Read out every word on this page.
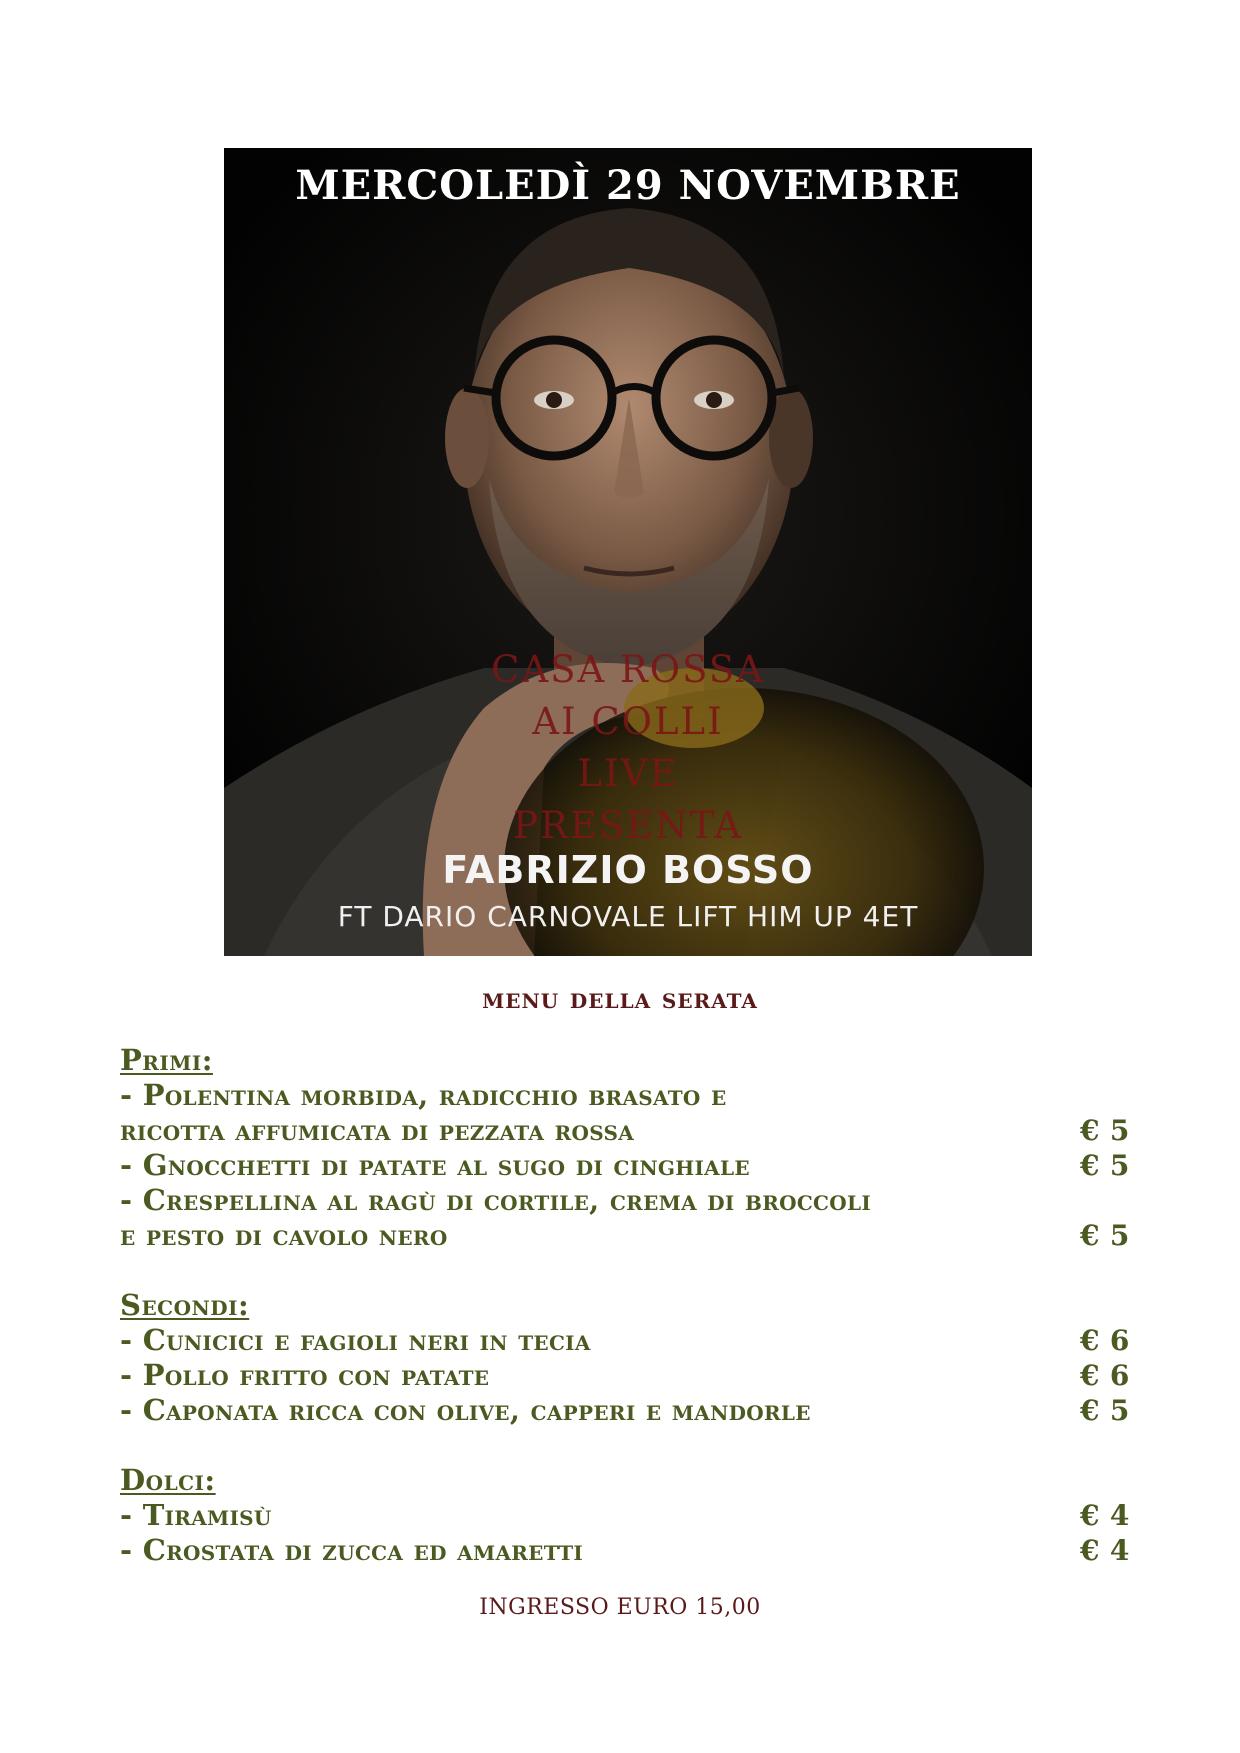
MERCOLEDÌ 29 NOVEMBRE
CASA ROSSA
AI COLLI
LIVE
PRESENTA
FABRIZIO BOSSO
FT DARIO CARNOVALE LIFT HIM UP 4ET
menu della serata
Primi:
- Polentina morbida, radicchio brasato e
ricotta affumicata di pezzata rossa	€ 5
- Gnocchetti di patate al sugo di cinghiale	€ 5
- Crespellina al ragù di cortile, crema di broccoli
e pesto di cavolo nero	€ 5
Secondi:
- Cunicici e fagioli neri in tecia	€ 6
- Pollo fritto con patate	€ 6
- Caponata ricca con olive, capperi e mandorle	€ 5
Dolci:
- Tiramisù	€ 4
- Crostata di zucca ed amaretti	€ 4
INGRESSO EURO 15,00
